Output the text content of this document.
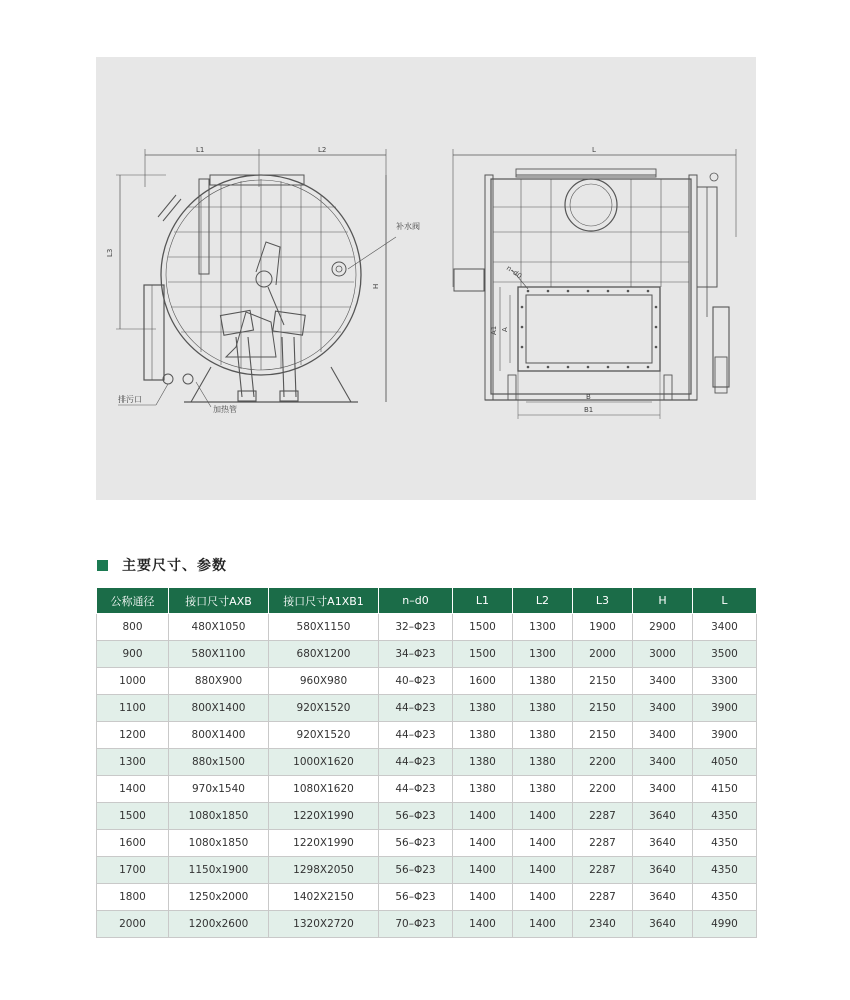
L1	L2
L3
H
补水阀
排污口
加热管
L
n–d0
A1 A
B
B1
主要尺寸、参数
公称通径	接口尺寸AXB	接口尺寸A1XB1	n–d0	L1	L2	L3	H	L
800	480X1050	580X1150	32–Φ23	1500	1300	1900	2900	3400
900	580X1100	680X1200	34–Φ23	1500	1300	2000	3000	3500
1000	880X900	960X980	40–Φ23	1600	1380	2150	3400	3300
1100	800X1400	920X1520	44–Φ23	1380	1380	2150	3400	3900
1200	800X1400	920X1520	44–Φ23	1380	1380	2150	3400	3900
1300	880x1500	1000X1620	44–Φ23	1380	1380	2200	3400	4050
1400	970x1540	1080X1620	44–Φ23	1380	1380	2200	3400	4150
1500	1080x1850	1220X1990	56–Φ23	1400	1400	2287	3640	4350
1600	1080x1850	1220X1990	56–Φ23	1400	1400	2287	3640	4350
1700	1150x1900	1298X2050	56–Φ23	1400	1400	2287	3640	4350
1800	1250x2000	1402X2150	56–Φ23	1400	1400	2287	3640	4350
2000	1200x2600	1320X2720	70–Φ23	1400	1400	2340	3640	4990
